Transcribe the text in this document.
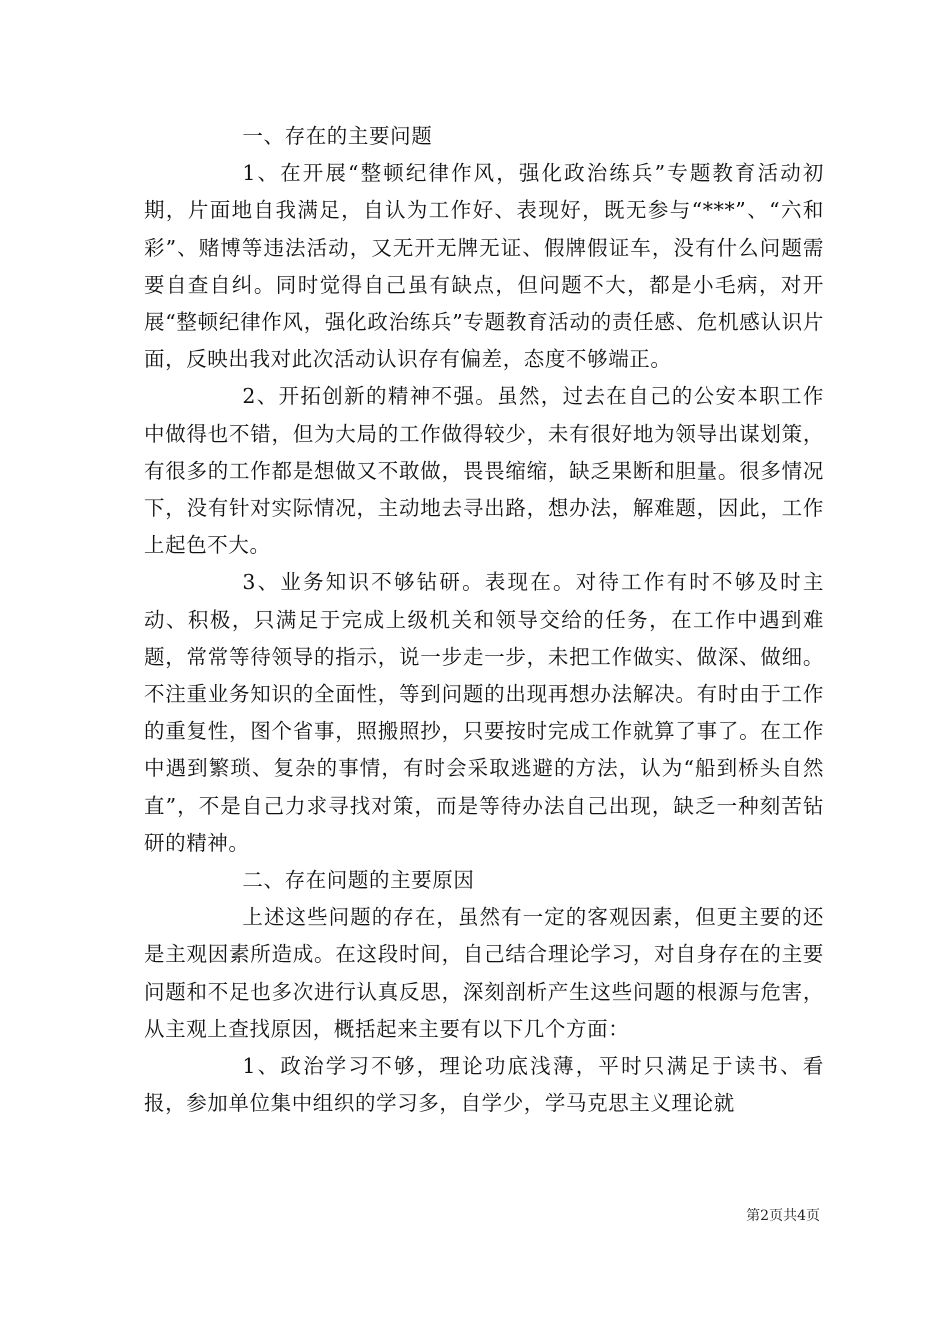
一、存在的主要问题

1、在开展“整顿纪律作风，强化政治练兵”专题教育活动初期，片面地自我满足，自认为工作好、表现好，既无参与“***”、“六和彩”、赌博等违法活动，又无开无牌无证、假牌假证车，没有什么问题需要自查自纠。同时觉得自己虽有缺点，但问题不大，都是小毛病，对开展“整顿纪律作风，强化政治练兵”专题教育活动的责任感、危机感认识片面，反映出我对此次活动认识存有偏差，态度不够端正。

2、开拓创新的精神不强。虽然，过去在自己的公安本职工作中做得也不错，但为大局的工作做得较少，未有很好地为领导出谋划策，有很多的工作都是想做又不敢做，畏畏缩缩，缺乏果断和胆量。很多情况下，没有针对实际情况，主动地去寻出路，想办法，解难题，因此，工作上起色不大。

3、业务知识不够钻研。表现在。对待工作有时不够及时主动、积极，只满足于完成上级机关和领导交给的任务，在工作中遇到难题，常常等待领导的指示，说一步走一步，未把工作做实、做深、做细。不注重业务知识的全面性，等到问题的出现再想办法解决。有时由于工作的重复性，图个省事，照搬照抄，只要按时完成工作就算了事了。在工作中遇到繁琐、复杂的事情，有时会采取逃避的方法，认为“船到桥头自然直”，不是自己力求寻找对策，而是等待办法自己出现，缺乏一种刻苦钻研的精神。

二、存在问题的主要原因

上述这些问题的存在，虽然有一定的客观因素，但更主要的还是主观因素所造成。在这段时间，自己结合理论学习，对自身存在的主要问题和不足也多次进行认真反思，深刻剖析产生这些问题的根源与危害，从主观上查找原因，概括起来主要有以下几个方面：

1、政治学习不够，理论功底浅薄，平时只满足于读书、看报，参加单位集中组织的学习多，自学少，学马克思主义理论就

第2页共4页
